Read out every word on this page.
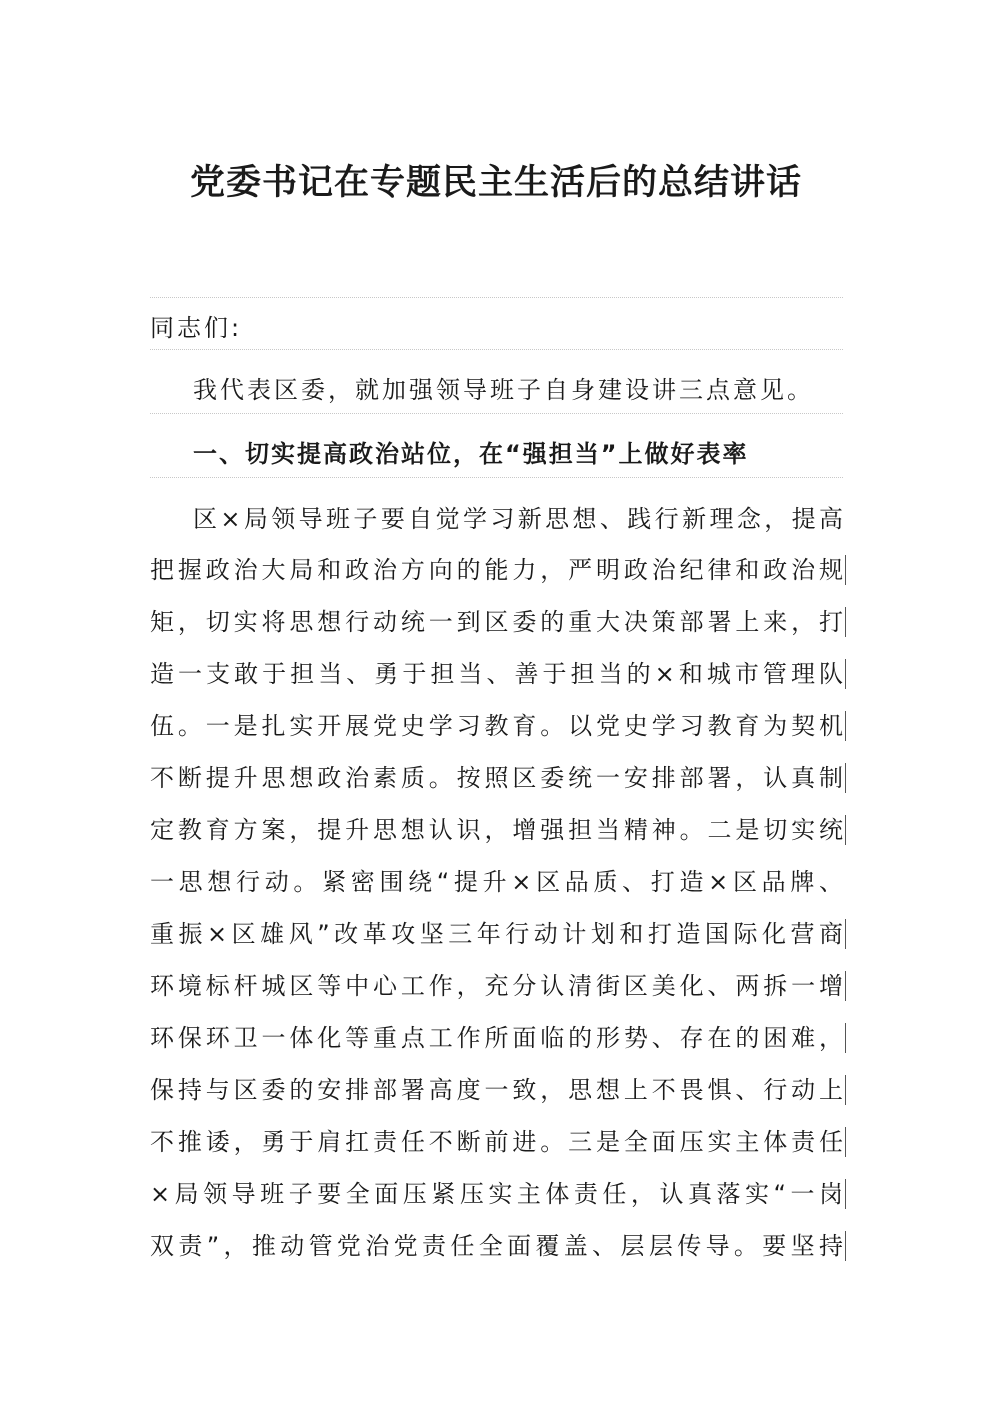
党委书记在专题民主生活后的总结讲话
同志们:
我代表区委，就加强领导班子自身建设讲三点意见。
一、切实提高政治站位，在“强担当”上做好表率
区×局领导班子要自觉学习新思想、践行新理念，提高
把握政治大局和政治方向的能力，严明政治纪律和政治规
矩，切实将思想行动统一到区委的重大决策部署上来，打
造一支敢于担当、勇于担当、善于担当的×和城市管理队
伍。一是扎实开展党史学习教育。以党史学习教育为契机
不断提升思想政治素质。按照区委统一安排部署，认真制
定教育方案，提升思想认识，增强担当精神。二是切实统
一思想行动。紧密围绕“提升×区品质、打造×区品牌、
重振×区雄风”改革攻坚三年行动计划和打造国际化营商
环境标杆城区等中心工作，充分认清街区美化、两拆一增
环保环卫一体化等重点工作所面临的形势、存在的困难，
保持与区委的安排部署高度一致，思想上不畏惧、行动上
不推诿，勇于肩扛责任不断前进。三是全面压实主体责任
×局领导班子要全面压紧压实主体责任，认真落实“一岗
双责”，推动管党治党责任全面覆盖、层层传导。要坚持
